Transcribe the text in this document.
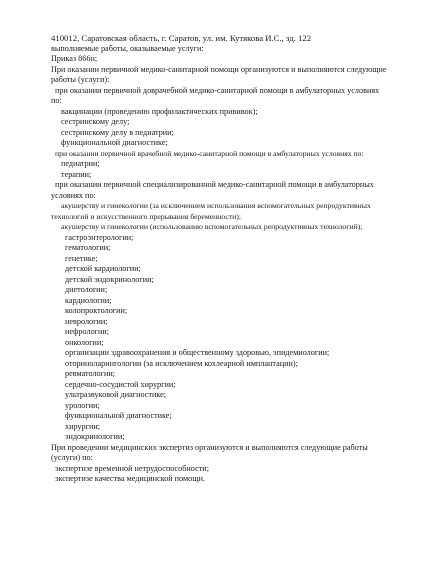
410012, Саратовская область, г. Саратов, ул. им. Кутякова И.С., зд. 122
выполняемые работы, оказываемые услуги:
Приказ 866н;
При оказании первичной медико-санитарной помощи организуются и выполняются следующие
работы (услуги):
при оказании первичной доврачебной медико-санитарной помощи в амбулаторных условиях
по:
вакцинации (проведению профилактических прививок);
сестринскому делу;
сестринскому делу в педиатрии;
функциональной диагностике;
при оказании первичной врачебной медико-санитарной помощи в амбулаторных условиях по:
педиатрии;
терапии;
при оказании первичной специализированной медико-санитарной помощи в амбулаторных
условиях по:
акушерству и гинекологии (за исключением использования вспомогательных репродуктивных
технологий и искусственного прерывания беременности);
акушерству и гинекологии (использованию вспомогательных репродуктивных технологий);
гастроэнтерологии;
гематологии;
генетике;
детской кардиологии;
детской эндокринологии;
диетологии;
кардиологии;
колопроктологии;
неврологии;
нефрологии;
онкологии;
организации здравоохранения и общественному здоровью, эпидемиологии;
оториноларингологии (за исключением кохлеарной имплантации);
ревматологии;
сердечно-сосудистой хирургии;
ультразвуковой диагностике;
урологии;
функциональной диагностике;
хирургии;
эндокринологии;
При проведении медицинских экспертиз организуются и выполняются следующие работы
(услуги) по:
экспертизе временной нетрудоспособности;
экспертизе качества медицинской помощи.
